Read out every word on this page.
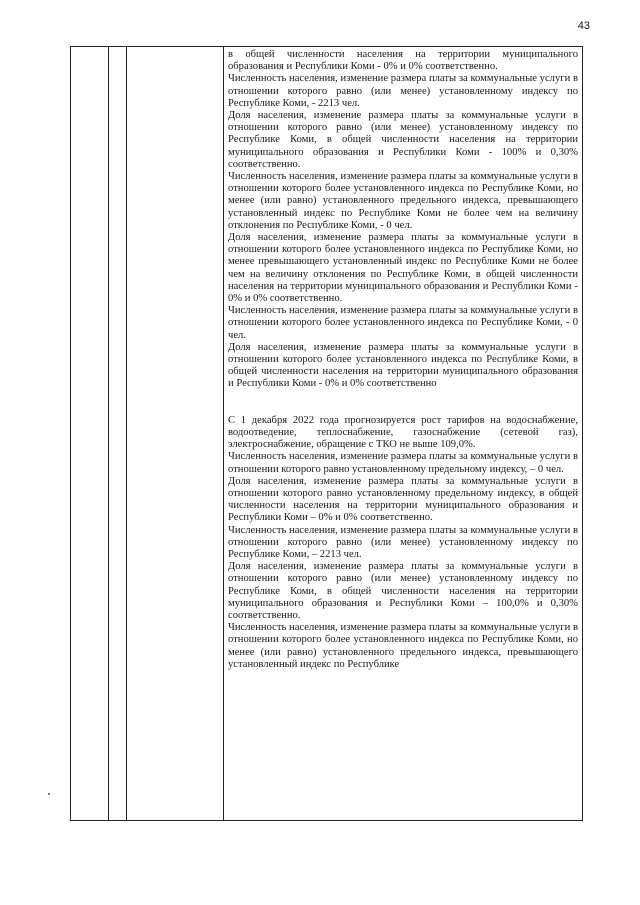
43

в общей численности населения на территории муниципального образования и Республики Коми - 0% и 0% соответственно.

Численность населения, изменение размера платы за коммунальные услуги в отношении которого равно (или менее) установленному индексу по Республике Коми, - 2213 чел.

Доля населения, изменение размера платы за коммунальные услуги в отношении которого равно (или менее) установленному индексу по Республике Коми, в общей численности населения на территории муниципального образования и Республики Коми - 100% и 0,30% соответственно.

Численность населения, изменение размера платы за коммунальные услуги в отношении которого более установленного индекса по Республике Коми, но менее (или равно) установленного предельного индекса, превышающего установленный индекс по Республике Коми не более чем на величину отклонения по Республике Коми, - 0 чел.

Доля населения, изменение размера платы за коммунальные услуги в отношении которого более установленного индекса по Республике Коми, но менее превышающего установленный индекс по Республике Коми не более чем на величину отклонения по Республике Коми, в общей численности населения на территории муниципального образования и Республики Коми - 0% и 0% соответственно.

Численность населения, изменение размера платы за коммунальные услуги в отношении которого более установленного индекса по Республике Коми, - 0 чел.

Доля населения, изменение размера платы за коммунальные услуги в отношении которого более установленного индекса по Республике Коми, в общей численности населения на территории муниципального образования и Республики Коми - 0% и 0% соответственно

С 1 декабря 2022 года прогнозируется рост тарифов на водоснабжение, водоотведение, теплоснабжение, газоснабжение (сетевой газ), электроснабжение, обращение с ТКО не выше 109,0%.

Численность населения, изменение размера платы за коммунальные услуги в отношении которого равно установленному предельному индексу, – 0 чел.

Доля населения, изменение размера платы за коммунальные услуги в отношении которого равно установленному предельному индексу, в общей численности населения на территории муниципального образования и Республики Коми – 0% и 0% соответственно.

Численность населения, изменение размера платы за коммунальные услуги в отношении которого равно (или менее) установленному индексу по Республике Коми, – 2213 чел.

Доля населения, изменение размера платы за коммунальные услуги в отношении которого равно (или менее) установленному индексу по Республике Коми, в общей численности населения на территории муниципального образования и Республики Коми – 100,0% и 0,30% соответственно.

Численность населения, изменение размера платы за коммунальные услуги в отношении которого более установленного индекса по Республике Коми, но менее (или равно) установленного предельного индекса, превышающего установленный индекс по Республике
